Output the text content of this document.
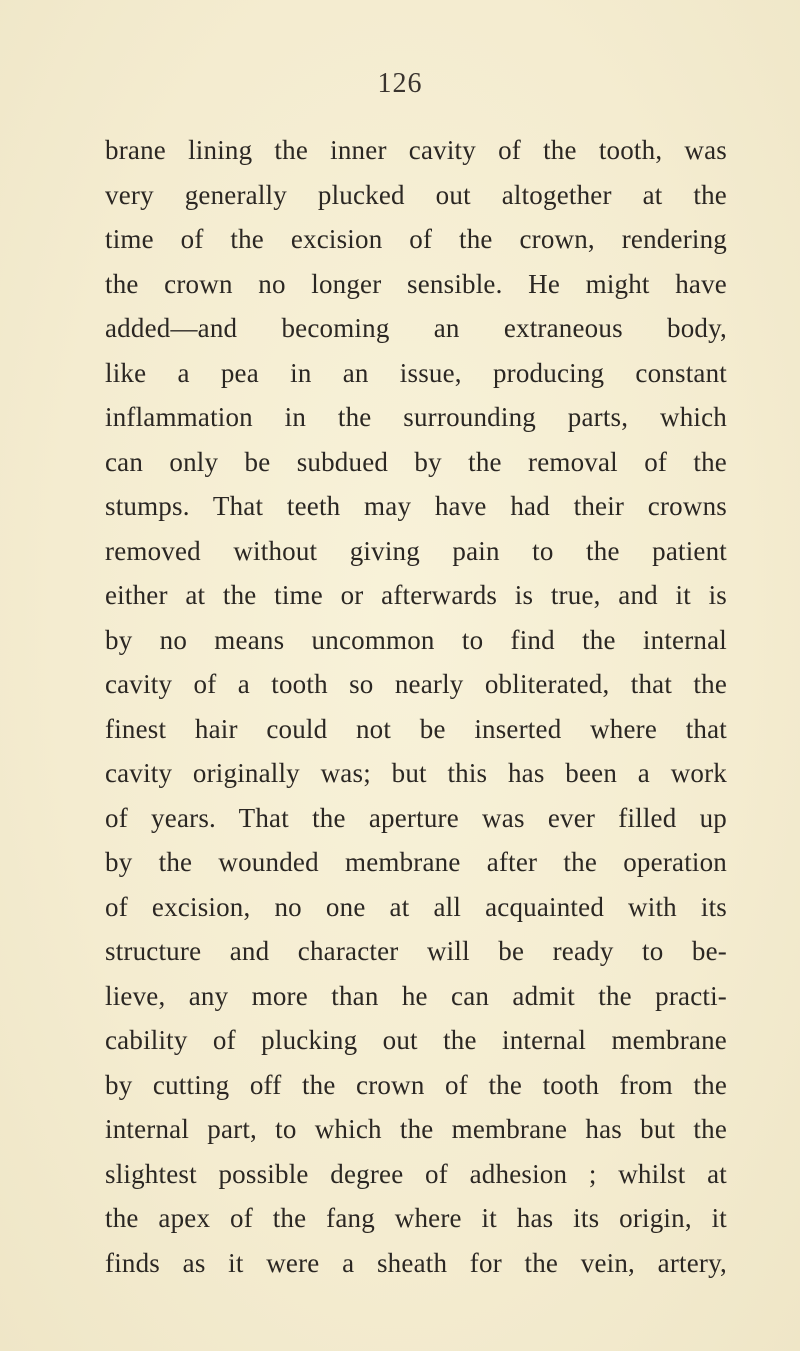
126
brane lining the inner cavity of the tooth, was
very generally plucked out altogether at the
time of the excision of the crown, rendering
the crown no longer sensible. He might have
added—and becoming an extraneous body,
like a pea in an issue, producing constant
inflammation in the surrounding parts, which
can only be subdued by the removal of the
stumps. That teeth may have had their crowns
removed without giving pain to the patient
either at the time or afterwards is true, and it is
by no means uncommon to find the internal
cavity of a tooth so nearly obliterated, that the
finest hair could not be inserted where that
cavity originally was; but this has been a work
of years. That the aperture was ever filled up
by the wounded membrane after the operation
of excision, no one at all acquainted with its
structure and character will be ready to be-
lieve, any more than he can admit the practi-
cability of plucking out the internal membrane
by cutting off the crown of the tooth from the
internal part, to which the membrane has but the
slightest possible degree of adhesion ; whilst at
the apex of the fang where it has its origin, it
finds as it were a sheath for the vein, artery,
